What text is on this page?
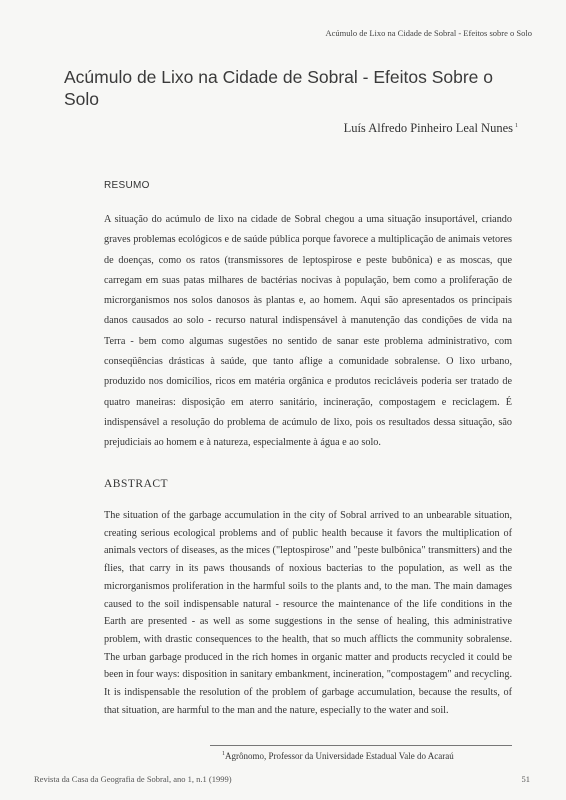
Acúmulo de Lixo na Cidade de Sobral - Efeitos sobre o Solo
Acúmulo de Lixo na Cidade de Sobral - Efeitos Sobre o Solo
Luís Alfredo Pinheiro Leal Nunes $^1$
RESUMO

A situação do acúmulo de lixo na cidade de Sobral chegou a uma situação insuportável, criando graves problemas ecológicos e de saúde pública porque favorece a multiplicação de animais vetores de doenças, como os ratos (transmissores de leptospirose e peste bubônica) e as moscas, que carregam em suas patas milhares de bactérias nocivas à população, bem como a proliferação de microrganismos nos solos danosos às plantas e, ao homem. Aqui são apresentados os principais danos causados ao solo - recurso natural indispensável à manutenção das condições de vida na Terra - bem como algumas sugestões no sentido de sanar este problema administrativo, com conseqüências drásticas à saúde, que tanto aflige a comunidade sobralense. O lixo urbano, produzido nos domicílios, ricos em matéria orgânica e produtos recicláveis poderia ser tratado de quatro maneiras: disposição em aterro sanitário, incineração, compostagem e reciclagem. É indispensável a resolução do problema de acúmulo de lixo, pois os resultados dessa situação, são prejudiciais ao homem e à natureza, especialmente à água e ao solo.

ABSTRACT

The situation of the garbage accumulation in the city of Sobral arrived to an unbearable situation, creating serious ecological problems and of public health because it favors the multiplication of animals vectors of diseases, as the mices ("leptospirose" and "peste bulbônica" transmitters) and the flies, that carry in its paws thousands of noxious bacterias to the population, as well as the microrganismos proliferation in the harmful soils to the plants and, to the man. The main damages caused to the soil indispensable natural - resource the maintenance of the life conditions in the Earth are presented - as well as some suggestions in the sense of healing, this administrative problem, with drastic consequences to the health, that so much afflicts the community sobralense. The urban garbage produced in the rich homes in organic matter and products recycled it could be been in four ways: disposition in sanitary embankment, incineration, "compostagem" and recycling. It is indispensable the resolution of the problem of garbage accumulation, because the results, of that situation, are harmful to the man and the nature, especially to the water and soil.

$^1$Agrônomo, Professor da Universidade Estadual Vale do Acaraú
Revista da Casa da Geografia de Sobral, ano 1, n.1 (1999)	51
